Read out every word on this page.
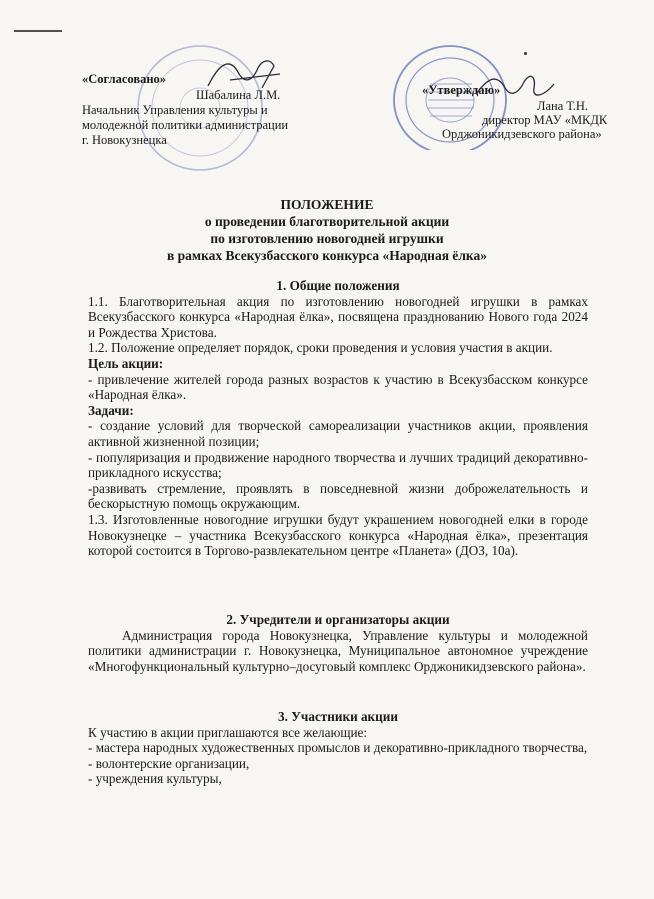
«Согласовано»
Шабалина Л.М.
Начальник Управления культуры и
молодежной политики администрации
г. Новокузнецка
«Утверждаю»
Лана Т.Н.
директор МАУ «МКДК
Орджоникидзевского района»
ПОЛОЖЕНИЕ
о проведении благотворительной акции
по изготовлению новогодней игрушки
в рамках Всекузбасского конкурса «Народная ёлка»

1. Общие положения

1.1. Благотворительная акция по изготовлению новогодней игрушки в рамках Всекузбасского конкурса «Народная ёлка», посвящена празднованию Нового года 2024 и Рождества Христова.

1.2. Положение определяет порядок, сроки проведения и условия участия в акции.

Цель акции:

- привлечение жителей города разных возрастов к участию в Всекузбасском конкурсе «Народная ёлка».

Задачи:

- создание условий для творческой самореализации участников акции, проявления активной жизненной позиции;

- популяризация и продвижение народного творчества и лучших традиций декоративно-прикладного искусства;

-развивать стремление, проявлять в повседневной жизни доброжелательность и бескорыстную помощь окружающим.

1.3. Изготовленные новогодние игрушки будут украшением новогодней елки в городе Новокузнецке – участника Всекузбасского конкурса «Народная ёлка», презентация которой состоится в Торгово-развлекательном центре «Планета» (ДОЗ, 10а).

2. Учредители и организаторы акции

Администрация города Новокузнецка, Управление культуры и молодежной политики администрации г. Новокузнецка, Муниципальное автономное учреждение «Многофункциональный культурно–досуговый комплекс Орджоникидзевского района».

3. Участники акции

К участию в акции приглашаются все желающие:

- мастера народных художественных промыслов и декоративно-прикладного творчества,

- волонтерские организации,

- учреждения культуры,
